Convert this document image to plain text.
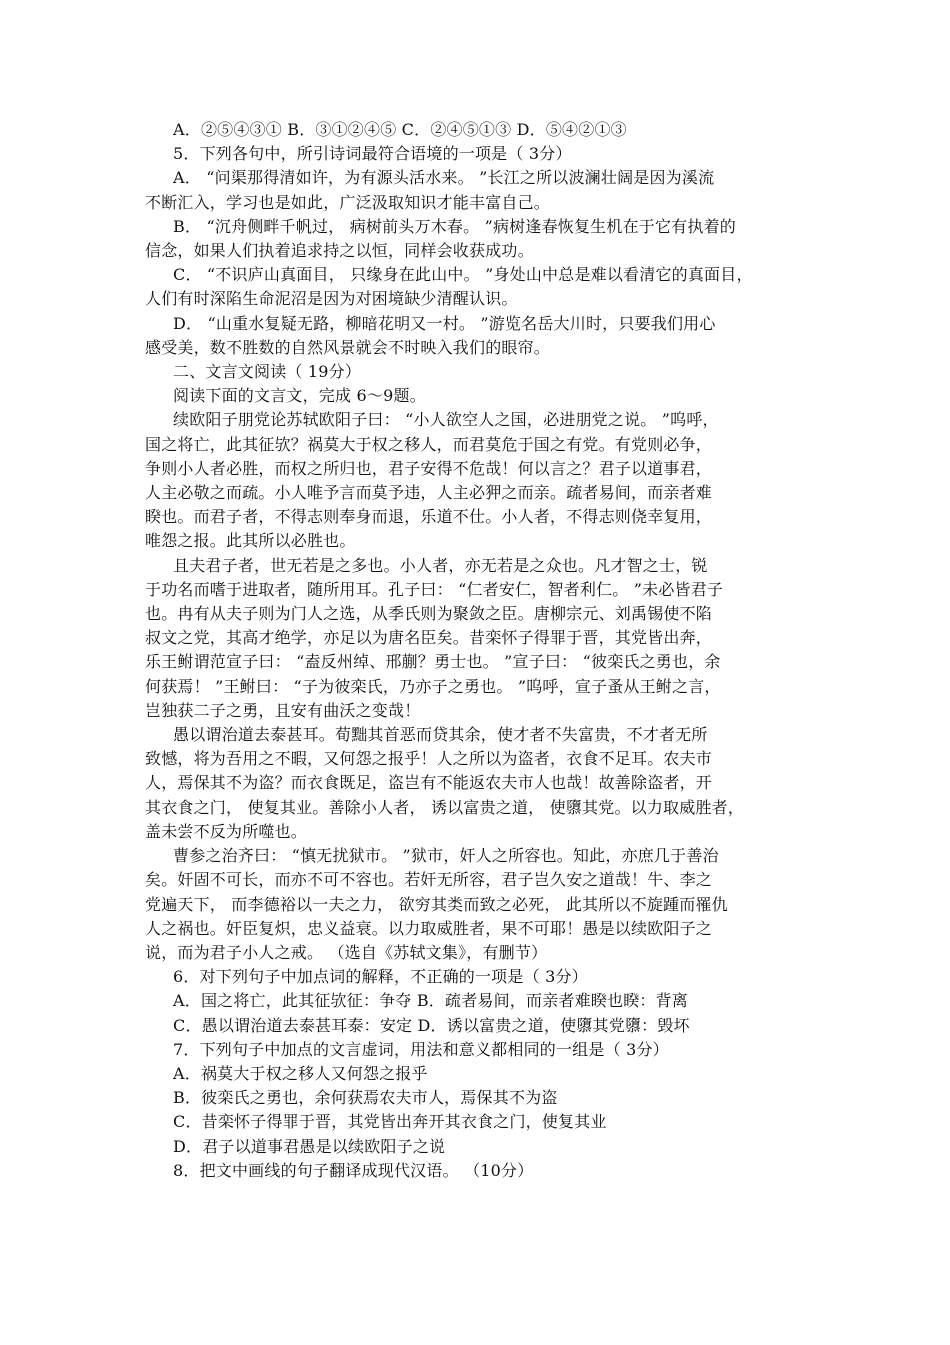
A．②⑤④③① B．③①②④⑤ C．②④⑤①③ D．⑤④②①③
5．下列各句中，所引诗词最符合语境的一项是（ 3分）
A． “问渠那得清如许，为有源头活水来。 ”长江之所以波澜壮阔是因为溪流
不断汇入，学习也是如此，广泛汲取知识才能丰富自己。
B． “沉舟侧畔千帆过， 病树前头万木春。 ”病树逢春恢复生机在于它有执着的
信念，如果人们执着追求持之以恒，同样会收获成功。
C． “不识庐山真面目， 只缘身在此山中。 ”身处山中总是难以看清它的真面目，
人们有时深陷生命泥沼是因为对困境缺少清醒认识。
D． “山重水复疑无路，柳暗花明又一村。 ”游览名岳大川时，只要我们用心
感受美，数不胜数的自然风景就会不时映入我们的眼帘。
二、文言文阅读（ 19分）
阅读下面的文言文，完成 6～9题。
续欧阳子朋党论苏轼欧阳子曰： “小人欲空人之国，必进朋党之说。 ”呜呼，
国之将亡，此其征欤？祸莫大于权之移人，而君莫危于国之有党。有党则必争，
争则小人者必胜，而权之所归也，君子安得不危哉！何以言之？君子以道事君，
人主必敬之而疏。小人唯予言而莫予违，人主必狎之而亲。疏者易间，而亲者难
睽也。而君子者，不得志则奉身而退，乐道不仕。小人者，不得志则侥幸复用，
唯怨之报。此其所以必胜也。
且夫君子者，世无若是之多也。小人者，亦无若是之众也。凡才智之士，锐
于功名而嗜于进取者，随所用耳。孔子曰： “仁者安仁，智者利仁。 ”未必皆君子
也。冉有从夫子则为门人之选，从季氏则为聚敛之臣。唐柳宗元、刘禹锡使不陷
叔文之党，其高才绝学，亦足以为唐名臣矣。昔栾怀子得罪于晋，其党皆出奔，
乐王鲋谓范宣子曰： “盍反州绰、邢蒯？勇士也。 ”宣子曰： “彼栾氏之勇也，余
何获焉！ ”王鲋曰： “子为彼栾氏，乃亦子之勇也。 ”呜呼，宣子蚤从王鲋之言，
岂独获二子之勇，且安有曲沃之变哉！
愚以谓治道去泰甚耳。荀黜其首恶而贷其余，使才者不失富贵，不才者无所
致憾，将为吾用之不暇，又何怨之报乎！人之所以为盗者，衣食不足耳。农夫市
人，焉保其不为盗？而衣食既足，盗岂有不能返农夫市人也哉！故善除盗者，开
其衣食之门， 使复其业。善除小人者， 诱以富贵之道， 使隳其党。以力取威胜者，
盖未尝不反为所噬也。
曹参之治齐曰： “慎无扰狱市。 ”狱市，奸人之所容也。知此，亦庶几于善治
矣。奸固不可长，而亦不可不容也。若奸无所容，君子岂久安之道哉！牛、李之
党遍天下， 而李德裕以一夫之力， 欲穷其类而致之必死， 此其所以不旋踵而罹仇
人之祸也。奸臣复炽，忠义益衰。以力取威胜者，果不可耶！愚是以续欧阳子之
说，而为君子小人之戒。 （选自《苏轼文集》，有删节）
6．对下列句子中加点词的解释，不正确的一项是（ 3分）
A．国之将亡，此其征欤征：争夺 B．疏者易间，而亲者难睽也睽：背离
C．愚以谓治道去泰甚耳泰：安定 D．诱以富贵之道，使隳其党隳：毁坏
7．下列句子中加点的文言虚词，用法和意义都相同的一组是（ 3分）
A．祸莫大于权之移人又何怨之报乎
B．彼栾氏之勇也，余何获焉农夫市人，焉保其不为盗
C．昔栾怀子得罪于晋，其党皆出奔开其衣食之门，使复其业
D．君子以道事君愚是以续欧阳子之说
8．把文中画线的句子翻译成现代汉语。 （10分）
